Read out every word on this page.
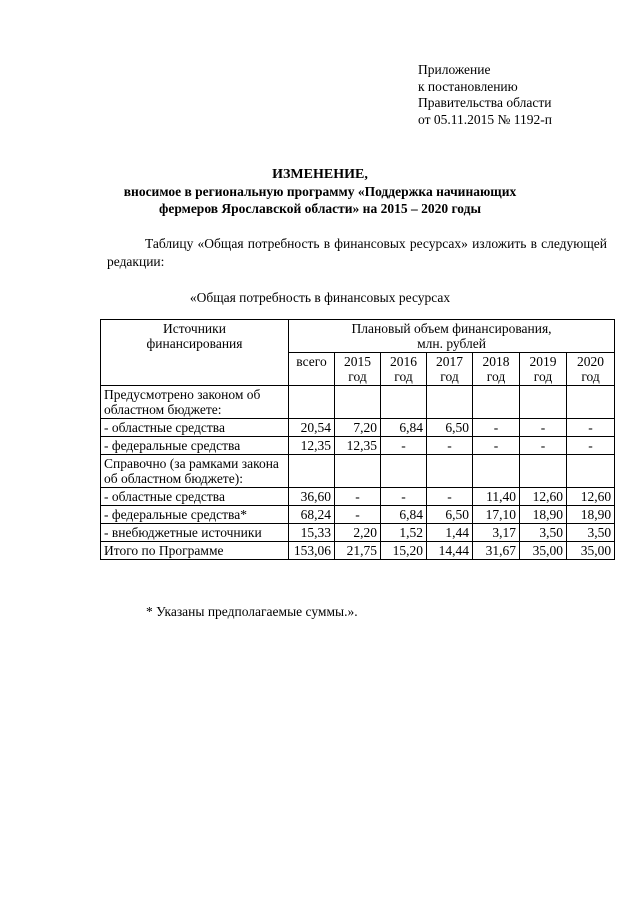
Приложение
к постановлению
Правительства области
от 05.11.2015 № 1192-п
ИЗМЕНЕНИЕ,
вносимое в региональную программу «Поддержка начинающих
фермеров Ярославской области» на 2015 – 2020 годы
Таблицу «Общая потребность в финансовых ресурсах» изложить в следующей редакции:
«Общая потребность в финансовых ресурсах
Источники финансирования	Плановый объем финансирования, млн. рублей						
	всего	2015 год	2016 год	2017 год	2018 год	2019 год	2020 год
Предусмотрено законом об областном бюджете:							
- областные средства	20,54	7,20	6,84	6,50	-	-	-
- федеральные средства	12,35	12,35	-	-	-	-	-
Справочно (за рамками закона об областном бюджете):							
- областные средства	36,60	-	-	-	11,40	12,60	12,60
- федеральные средства*	68,24	-	6,84	6,50	17,10	18,90	18,90
- внебюджетные источники	15,33	2,20	1,52	1,44	3,17	3,50	3,50
Итого по Программе	153,06	21,75	15,20	14,44	31,67	35,00	35,00
* Указаны предполагаемые суммы.».
